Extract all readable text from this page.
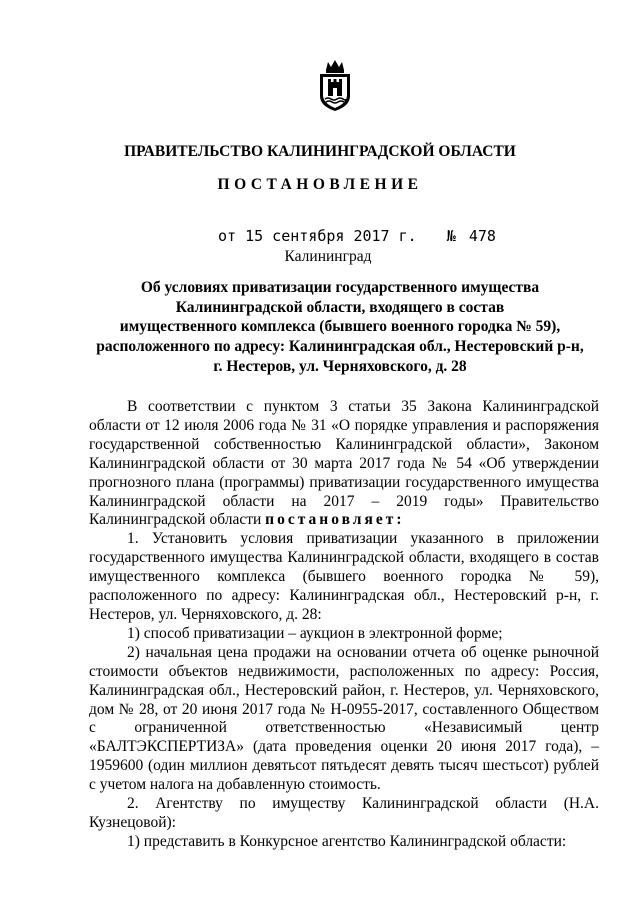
ПРАВИТЕЛЬСТВО КАЛИНИНГРАДСКОЙ ОБЛАСТИ
ПОСТАНОВЛЕНИЕ
от 15 сентября 2017 г. № 478
Калининград
Об условиях приватизации государственного имущества
Калининградской области, входящего в состав
имущественного комплекса (бывшего военного городка № 59),
расположенного по адресу: Калининградская обл., Нестеровский р-н,
г. Нестеров, ул. Черняховского, д. 28

В соответствии с пунктом 3 статьи 35 Закона Калининградской области от 12 июля 2006 года № 31 «О порядке управления и распоряжения государственной собственностью Калининградской области», Законом Калининградской области от 30 марта 2017 года № 54 «Об утверждении прогнозного плана (программы) приватизации государственного имущества Калининградской области на 2017 – 2019 годы» Правительство Калининградской области постановляет:

1. Установить условия приватизации указанного в приложении государственного имущества Калининградской области, входящего в состав имущественного комплекса (бывшего военного городка № 59), расположенного по адресу: Калининградская обл., Нестеровский р-н, г. Нестеров, ул. Черняховского, д. 28:

1) способ приватизации – аукцион в электронной форме;

2) начальная цена продажи на основании отчета об оценке рыночной стоимости объектов недвижимости, расположенных по адресу: Россия, Калининградская обл., Нестеровский район, г. Нестеров, ул. Черняховского, дом № 28, от 20 июня 2017 года № Н-0955-2017, составленного Обществом с ограниченной ответственностью «Независимый центр «БАЛТЭКСПЕРТИЗА» (дата проведения оценки 20 июня 2017 года), – 1959600 (один миллион девятьсот пятьдесят девять тысяч шестьсот) рублей с учетом налога на добавленную стоимость.

2. Агентству по имуществу Калининградской области (Н.А. Кузнецовой):

1) представить в Конкурсное агентство Калининградской области:
